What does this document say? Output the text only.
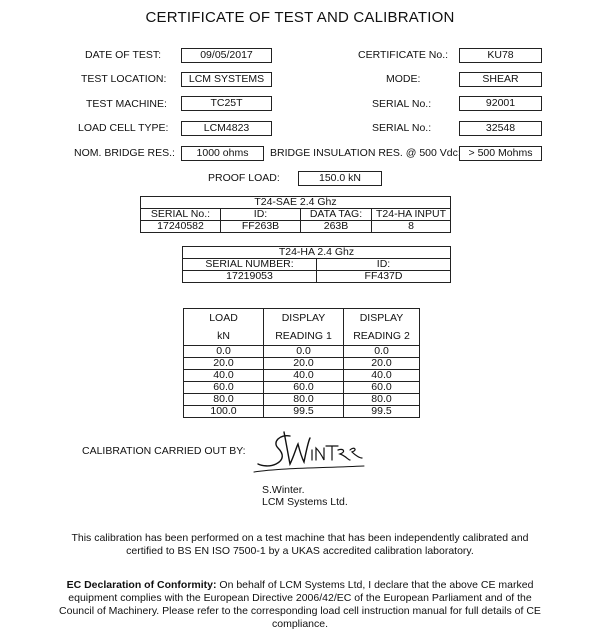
CERTIFICATE OF TEST AND CALIBRATION
DATE OF TEST:	09/05/2017	CERTIFICATE No.:	KU78
TEST LOCATION:	LCM SYSTEMS	MODE:	SHEAR
TEST MACHINE:	TC25T	SERIAL No.:	92001
LOAD CELL TYPE:	LCM4823	SERIAL No.:	32548
NOM. BRIDGE RES.:	1000 ohms	BRIDGE INSULATION RES. @ 500 Vdc: > 500 Mohms
PROOF LOAD:	150.0 kN
T24-SAE 2.4 Ghz			
SERIAL No.:	ID:	DATA TAG:	T24-HA INPUT
17240582	FF263B	263B	8
T24-HA 2.4 Ghz	
SERIAL NUMBER:	ID:
17219053	FF437D
LOAD	DISPLAY	DISPLAY
kN	READING 1	READING 2
0.0	0.0	0.0
20.0	20.0	20.0
40.0	40.0	40.0
60.0	60.0	60.0
80.0	80.0	80.0
100.0	99.5	99.5
CALIBRATION CARRIED OUT BY:
S.Winter.
LCM Systems Ltd.
This calibration has been performed on a test machine that has been independently calibrated and
certified to BS EN ISO 7500-1 by a UKAS accredited calibration laboratory.
EC Declaration of Conformity: On behalf of LCM Systems Ltd, I declare that the above CE marked
equipment complies with the European Directive 2006/42/EC of the European Parliament and of the
Council of Machinery. Please refer to the corresponding load cell instruction manual for full details of CE
compliance.
